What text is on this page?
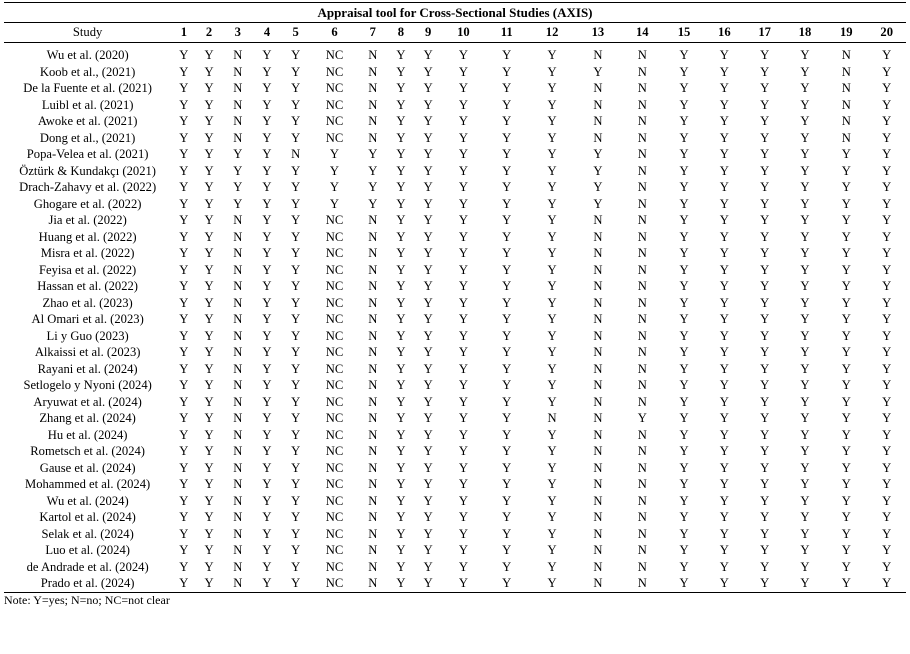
Appraisal tool for Cross-Sectional Studies (AXIS)																				
Study	1	2	3	4	5	6	7	8	9	10	11	12	13	14	15	16	17	18	19	20

Wu et al. (2020)	Y	Y	N	Y	Y	NC	N	Y	Y	Y	Y	Y	N	N	Y	Y	Y	Y	N	Y
Koob et al., (2021)	Y	Y	N	Y	Y	NC	N	Y	Y	Y	Y	Y	Y	N	Y	Y	Y	Y	N	Y
De la Fuente et al. (2021)	Y	Y	N	Y	Y	NC	N	Y	Y	Y	Y	Y	N	N	Y	Y	Y	Y	N	Y
Luibl et al. (2021)	Y	Y	N	Y	Y	NC	N	Y	Y	Y	Y	Y	N	N	Y	Y	Y	Y	N	Y
Awoke et al. (2021)	Y	Y	N	Y	Y	NC	N	Y	Y	Y	Y	Y	N	N	Y	Y	Y	Y	N	Y
Dong et al., (2021)	Y	Y	N	Y	Y	NC	N	Y	Y	Y	Y	Y	N	N	Y	Y	Y	Y	N	Y
Popa-Velea et al. (2021)	Y	Y	Y	Y	N	Y	Y	Y	Y	Y	Y	Y	Y	N	Y	Y	Y	Y	Y	Y
Öztürk & Kundakçı (2021)	Y	Y	Y	Y	Y	Y	Y	Y	Y	Y	Y	Y	Y	N	Y	Y	Y	Y	Y	Y
Drach-Zahavy et al. (2022)	Y	Y	Y	Y	Y	Y	Y	Y	Y	Y	Y	Y	Y	N	Y	Y	Y	Y	Y	Y
Ghogare et al. (2022)	Y	Y	Y	Y	Y	Y	Y	Y	Y	Y	Y	Y	Y	N	Y	Y	Y	Y	Y	Y
Jia et al. (2022)	Y	Y	N	Y	Y	NC	N	Y	Y	Y	Y	Y	N	N	Y	Y	Y	Y	Y	Y
Huang et al. (2022)	Y	Y	N	Y	Y	NC	N	Y	Y	Y	Y	Y	N	N	Y	Y	Y	Y	Y	Y
Misra et al. (2022)	Y	Y	N	Y	Y	NC	N	Y	Y	Y	Y	Y	N	N	Y	Y	Y	Y	Y	Y
Feyisa et al. (2022)	Y	Y	N	Y	Y	NC	N	Y	Y	Y	Y	Y	N	N	Y	Y	Y	Y	Y	Y
Hassan et al. (2022)	Y	Y	N	Y	Y	NC	N	Y	Y	Y	Y	Y	N	N	Y	Y	Y	Y	Y	Y
Zhao et al. (2023)	Y	Y	N	Y	Y	NC	N	Y	Y	Y	Y	Y	N	N	Y	Y	Y	Y	Y	Y
Al Omari et al. (2023)	Y	Y	N	Y	Y	NC	N	Y	Y	Y	Y	Y	N	N	Y	Y	Y	Y	Y	Y
Li y Guo (2023)	Y	Y	N	Y	Y	NC	N	Y	Y	Y	Y	Y	N	N	Y	Y	Y	Y	Y	Y
Alkaissi et al. (2023)	Y	Y	N	Y	Y	NC	N	Y	Y	Y	Y	Y	N	N	Y	Y	Y	Y	Y	Y
Rayani et al. (2024)	Y	Y	N	Y	Y	NC	N	Y	Y	Y	Y	Y	N	N	Y	Y	Y	Y	Y	Y
Setlogelo y Nyoni (2024)	Y	Y	N	Y	Y	NC	N	Y	Y	Y	Y	Y	N	N	Y	Y	Y	Y	Y	Y
Aryuwat et al. (2024)	Y	Y	N	Y	Y	NC	N	Y	Y	Y	Y	Y	N	N	Y	Y	Y	Y	Y	Y
Zhang et al. (2024)	Y	Y	N	Y	Y	NC	N	Y	Y	Y	Y	N	N	Y	Y	Y	Y	Y	Y	Y
Hu et al. (2024)	Y	Y	N	Y	Y	NC	N	Y	Y	Y	Y	Y	N	N	Y	Y	Y	Y	Y	Y
Rometsch et al. (2024)	Y	Y	N	Y	Y	NC	N	Y	Y	Y	Y	Y	N	N	Y	Y	Y	Y	Y	Y
Gause et al. (2024)	Y	Y	N	Y	Y	NC	N	Y	Y	Y	Y	Y	N	N	Y	Y	Y	Y	Y	Y
Mohammed et al. (2024)	Y	Y	N	Y	Y	NC	N	Y	Y	Y	Y	Y	N	N	Y	Y	Y	Y	Y	Y
Wu et al. (2024)	Y	Y	N	Y	Y	NC	N	Y	Y	Y	Y	Y	N	N	Y	Y	Y	Y	Y	Y
Kartol et al. (2024)	Y	Y	N	Y	Y	NC	N	Y	Y	Y	Y	Y	N	N	Y	Y	Y	Y	Y	Y
Selak et al. (2024)	Y	Y	N	Y	Y	NC	N	Y	Y	Y	Y	Y	N	N	Y	Y	Y	Y	Y	Y
Luo et al. (2024)	Y	Y	N	Y	Y	NC	N	Y	Y	Y	Y	Y	N	N	Y	Y	Y	Y	Y	Y
de Andrade et al. (2024)	Y	Y	N	Y	Y	NC	N	Y	Y	Y	Y	Y	N	N	Y	Y	Y	Y	Y	Y
Prado et al. (2024)	Y	Y	N	Y	Y	NC	N	Y	Y	Y	Y	Y	N	N	Y	Y	Y	Y	Y	Y
Note: Y=yes; N=no; NC=not clear
